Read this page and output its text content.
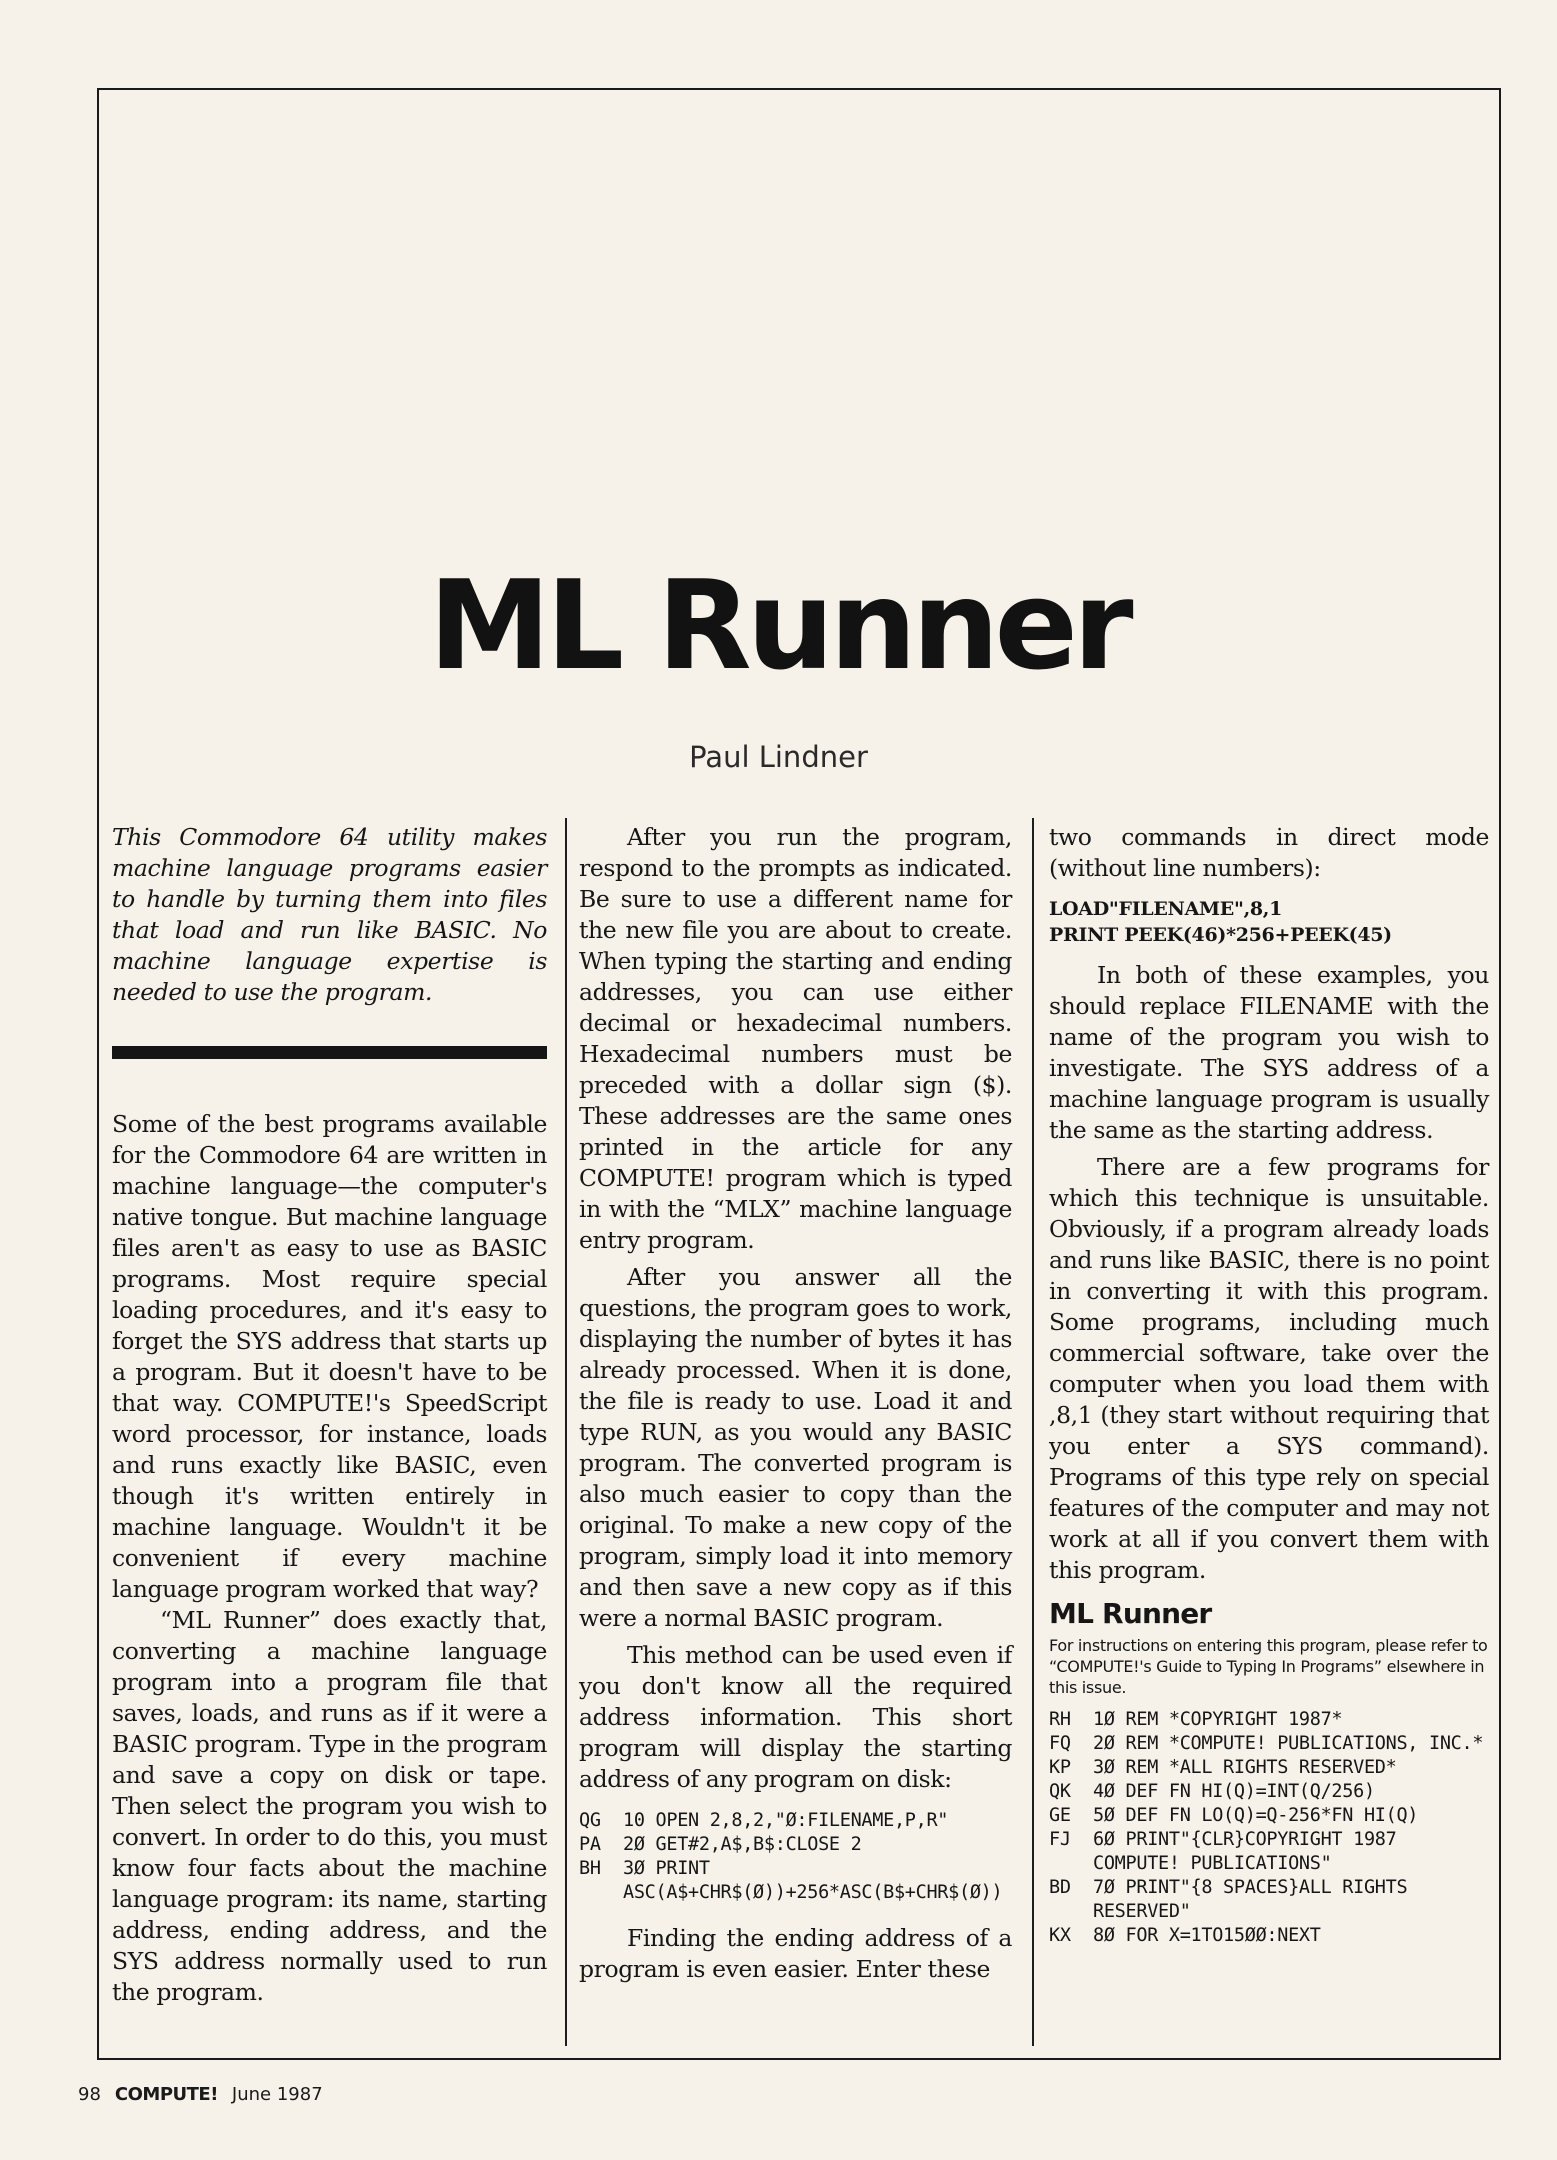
ML Runner
Paul Lindner

This Commodore 64 utility makes machine language programs easier to handle by turning them into files that load and run like BASIC. No machine language expertise is needed to use the program.

Some of the best programs available for the Commodore 64 are written in machine language—the computer's native tongue. But machine language files aren't as easy to use as BASIC programs. Most require special loading procedures, and it's easy to forget the SYS address that starts up a program. But it doesn't have to be that way. COMPUTE!'s SpeedScript word processor, for instance, loads and runs exactly like BASIC, even though it's written entirely in machine language. Wouldn't it be convenient if every machine language program worked that way?

“ML Runner” does exactly that, converting a machine language program into a program file that saves, loads, and runs as if it were a BASIC program. Type in the program and save a copy on disk or tape. Then select the program you wish to convert. In order to do this, you must know four facts about the machine language program: its name, starting address, ending address, and the SYS address normally used to run the program.

After you run the program, respond to the prompts as indicated. Be sure to use a different name for the new file you are about to create. When typing the starting and ending addresses, you can use either decimal or hexadecimal numbers. Hexadecimal numbers must be preceded with a dollar sign ($). These addresses are the same ones printed in the article for any COMPUTE! program which is typed in with the “MLX” machine language entry program.

After you answer all the questions, the program goes to work, displaying the number of bytes it has already processed. When it is done, the file is ready to use. Load it and type RUN, as you would any BASIC program. The converted program is also much easier to copy than the original. To make a new copy of the program, simply load it into memory and then save a new copy as if this were a normal BASIC program.

This method can be used even if you don't know all the required address information. This short program will display the starting address of any program on disk:

QG	10 OPEN 2,8,2,"Ø:FILENAME,P,R"
PA	2Ø GET#2,A$,B$:CLOSE 2
BH	3Ø PRINT ASC(A$+CHR$(Ø))+256*ASC(B$+CHR$(Ø))

Finding the ending address of a program is even easier. Enter these

two commands in direct mode (without line numbers):

LOAD"FILENAME",8,1
PRINT PEEK(46)*256+PEEK(45)

In both of these examples, you should replace FILENAME with the name of the program you wish to investigate. The SYS address of a machine language program is usually the same as the starting address.

There are a few programs for which this technique is unsuitable. Obviously, if a program already loads and runs like BASIC, there is no point in converting it with this program. Some programs, including much commercial software, take over the computer when you load them with ,8,1 (they start without requiring that you enter a SYS command). Programs of this type rely on special features of the computer and may not work at all if you convert them with this program.

ML Runner
For instructions on entering this program, please refer to “COMPUTE!'s Guide to Typing In Programs” elsewhere in this issue.
RH	1Ø REM *COPYRIGHT 1987*
FQ	2Ø REM *COMPUTE! PUBLICATIONS, INC.*
KP	3Ø REM *ALL RIGHTS RESERVED*
QK	4Ø DEF FN HI(Q)=INT(Q/256)
GE	5Ø DEF FN LO(Q)=Q-256*FN HI(Q)
FJ	6Ø PRINT"{CLR}COPYRIGHT 1987 COMPUTE! PUBLICATIONS"
BD	7Ø PRINT"{8 SPACES}ALL RIGHTS RESERVED"
KX	8Ø FOR X=1TO15ØØ:NEXT
98 COMPUTE! June 1987
